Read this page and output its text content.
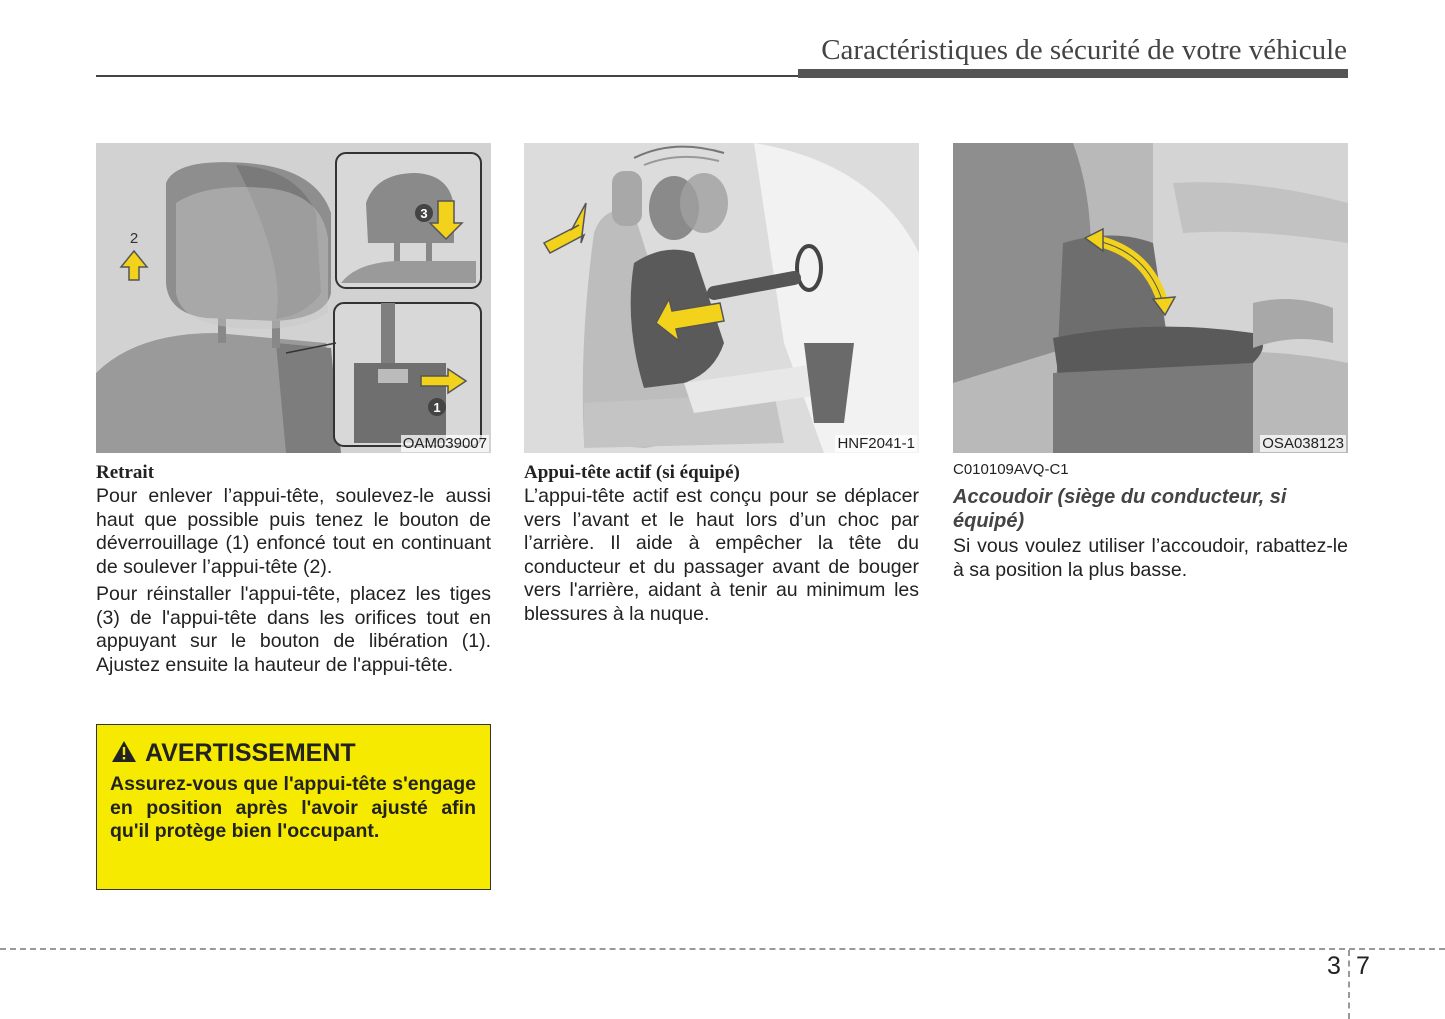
Caractéristiques de sécurité de votre véhicule
2
3
1
OAM039007	HNF2041-1	OSA038123

Retrait

Pour enlever l’appui-tête, soulevez-le aussi haut que possible puis tenez le bouton de déverrouillage (1) enfoncé tout en continuant de soulever l’appui-tête (2).

Pour réinstaller l'appui-tête, placez les tiges (3) de l'appui-tête dans les orifices tout en appuyant sur le bouton de libération (1). Ajustez ensuite la hauteur de l'appui-tête.

AVERTISSEMENT
Assurez-vous que l'appui-tête s'engage en position après l'avoir ajusté afin qu'il protège bien l'occupant.

Appui-tête actif (si équipé)

L’appui-tête actif est conçu pour se déplacer vers l’avant et le haut lors d’un choc par l’arrière. Il aide à empêcher la tête du conducteur et du passager avant de bouger vers l'arrière, aidant à tenir au minimum les blessures à la nuque.

C010109AVQ-C1

Accoudoir (siège du conducteur, si équipé)

Si vous voulez utiliser l’accoudoir, rabattez-le à sa position la plus basse.

3 7
